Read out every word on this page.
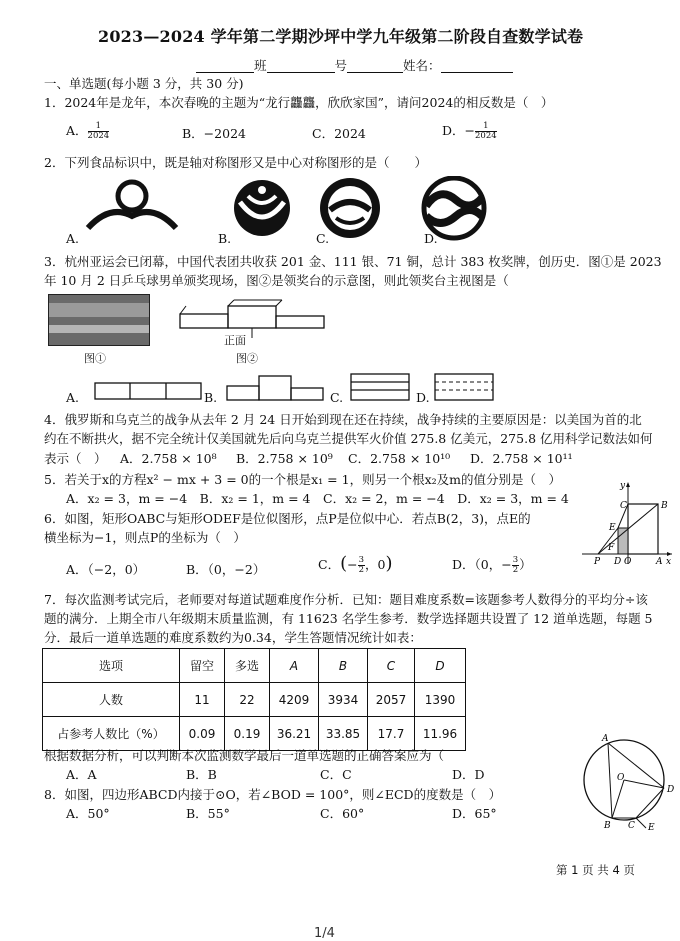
2023—2024 学年第二学期沙坪中学九年级第二阶段自查数学试卷
班	号	姓名：
一、单选题(每小题 3 分，共 30 分)
1．2024年是龙年，本次春晚的主题为“龙行龘龘，欣欣家国”，请问2024的相反数是（　）
A． $\frac{1}{2024}$	B．−2024	C．2024	D．− $\frac{1}{2024}$
2．下列食品标识中，既是轴对称图形又是中心对称图形的是（　　）
A.	B.	C.	D.
3．杭州亚运会已闭幕，中国代表团共收获 201 金、111 银、71 铜，总计 383 枚奖牌，创历史．图①是 2023
年 10 月 2 日乒乓球男单颁奖现场，图②是领奖台的示意图，则此领奖台主视图是（
图①
正面
图②
A.	B.	C.	D.
4．俄罗斯和乌克兰的战争从去年 2 月 24 日开始到现在还在持续，战争持续的主要原因是：以美国为首的北
约在不断拱火，据不完全统计仅美国就先后向乌克兰提供军火价值 275.8 亿美元，275.8 亿用科学记数法如何
表示（　） A．2.758 × 10⁸ B．2.758 × 10⁹ C．2.758 × 10¹⁰ D．2.758 × 10¹¹
5．若关于x的方程x² − mx + 3 = 0的一个根是x₁ = 1，则另一个根x₂及m的值分别是（　）
A．x₂ = 3，m = −4　B．x₂ = 1，m = 4　C．x₂ = 2，m = −4　D．x₂ = 3，m = 4
6．如图，矩形OABC与矩形ODEF是位似图形，点P是位似中心．若点B(2，3)，点E的
横坐标为−1，则点P的坐标为（　）
A．（−2，0）	B．（0，−2）	C．(− $\frac{3}{2}$ ，0)	D．（0，− $\frac{3}{2}$ ）
y
C	B
E
F
P D O	A x
7．每次监测考试完后，老师要对每道试题难度作分析．已知：题目难度系数=该题参考人数得分的平均分÷该
题的满分．上期全市八年级期末质量监测，有 11623 名学生参考．数学选择题共设置了 12 道单选题，每题 5
分．最后一道单选题的难度系数约为0.34，学生答题情况统计如表：
选项	留空	多选	A	B	C	D
人数	11	22	4209	3934	2057	1390
占参考人数比（%）	0.09	0.19	36.21	33.85	17.7	11.96
根据数据分析，可以判断本次监测数学最后一道单选题的正确答案应为（
A．A	B．B	C．C	D．D
8．如图，四边形ABCD内接于⊙O，若∠BOD = 100°，则∠ECD的度数是（　）
A．50°	B．55°	C．60°	D．65°
A
O
D
B C E
第 1 页 共 4 页
1/4
